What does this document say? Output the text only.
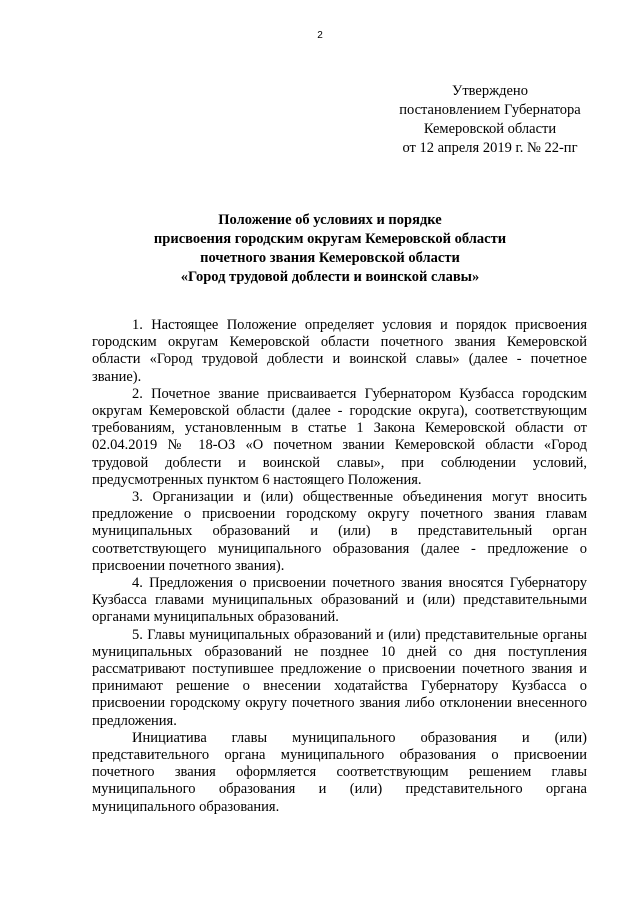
2
Утверждено
постановлением Губернатора
Кемеровской области
от 12 апреля 2019 г. № 22-пг
Положение об условиях и порядке
присвоения городским округам Кемеровской области
почетного звания Кемеровской области
«Город трудовой доблести и воинской славы»

1. Настоящее Положение определяет условия и порядок присвоения городским округам Кемеровской области почетного звания Кемеровской области «Город трудовой доблести и воинской славы» (далее - почетное звание).

2. Почетное звание присваивается Губернатором Кузбасса городским округам Кемеровской области (далее - городские округа), соответствующим требованиям, установленным в статье 1 Закона Кемеровской области от 02.04.2019 № 18-ОЗ «О почетном звании Кемеровской области «Город трудовой доблести и воинской славы», при соблюдении условий, предусмотренных пунктом 6 настоящего Положения.

3. Организации и (или) общественные объединения могут вносить предложение о присвоении городскому округу почетного звания главам муниципальных образований и (или) в представительный орган соответствующего муниципального образования (далее - предложение о присвоении почетного звания).

4. Предложения о присвоении почетного звания вносятся Губернатору Кузбасса главами муниципальных образований и (или) представительными органами муниципальных образований.

5. Главы муниципальных образований и (или) представительные органы муниципальных образований не позднее 10 дней со дня поступления рассматривают поступившее предложение о присвоении почетного звания и принимают решение о внесении ходатайства Губернатору Кузбасса о присвоении городскому округу почетного звания либо отклонении внесенного предложения.

Инициатива главы муниципального образования и (или) представительного органа муниципального образования о присвоении почетного звания оформляется соответствующим решением главы муниципального образования и (или) представительного органа муниципального образования.
